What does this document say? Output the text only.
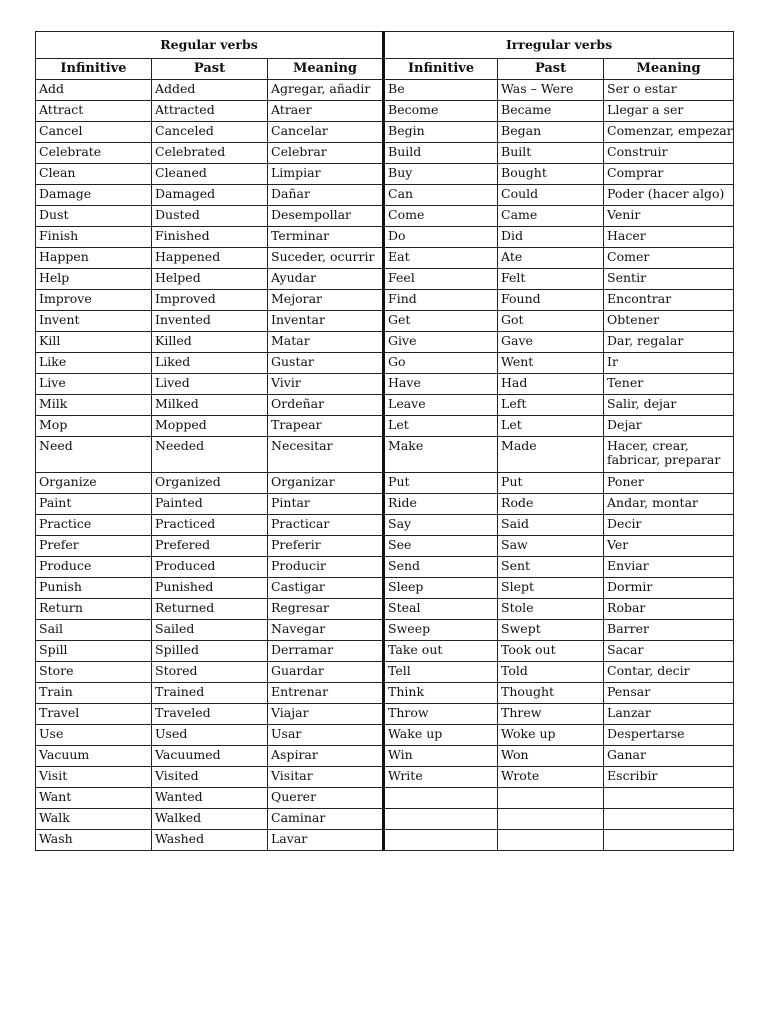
Regular verbs			Irregular verbs		
Infinitive	Past	Meaning	Infinitive	Past	Meaning
Add	Added	Agregar, añadir	Be	Was – Were	Ser o estar
Attract	Attracted	Atraer	Become	Became	Llegar a ser
Cancel	Canceled	Cancelar	Begin	Began	Comenzar, empezar
Celebrate	Celebrated	Celebrar	Build	Built	Construir
Clean	Cleaned	Limpiar	Buy	Bought	Comprar
Damage	Damaged	Dañar	Can	Could	Poder (hacer algo)
Dust	Dusted	Desempollar	Come	Came	Venir
Finish	Finished	Terminar	Do	Did	Hacer
Happen	Happened	Suceder, ocurrir	Eat	Ate	Comer
Help	Helped	Ayudar	Feel	Felt	Sentir
Improve	Improved	Mejorar	Find	Found	Encontrar
Invent	Invented	Inventar	Get	Got	Obtener
Kill	Killed	Matar	Give	Gave	Dar, regalar
Like	Liked	Gustar	Go	Went	Ir
Live	Lived	Vivir	Have	Had	Tener
Milk	Milked	Ordeñar	Leave	Left	Salir, dejar
Mop	Mopped	Trapear	Let	Let	Dejar
Need	Needed	Necesitar	Make	Made	Hacer, crear, fabricar, preparar
Organize	Organized	Organizar	Put	Put	Poner
Paint	Painted	Pintar	Ride	Rode	Andar, montar
Practice	Practiced	Practicar	Say	Said	Decir
Prefer	Prefered	Preferir	See	Saw	Ver
Produce	Produced	Producir	Send	Sent	Enviar
Punish	Punished	Castigar	Sleep	Slept	Dormir
Return	Returned	Regresar	Steal	Stole	Robar
Sail	Sailed	Navegar	Sweep	Swept	Barrer
Spill	Spilled	Derramar	Take out	Took out	Sacar
Store	Stored	Guardar	Tell	Told	Contar, decir
Train	Trained	Entrenar	Think	Thought	Pensar
Travel	Traveled	Viajar	Throw	Threw	Lanzar
Use	Used	Usar	Wake up	Woke up	Despertarse
Vacuum	Vacuumed	Aspirar	Win	Won	Ganar
Visit	Visited	Visitar	Write	Wrote	Escribir
Want	Wanted	Querer			
Walk	Walked	Caminar			
Wash	Washed	Lavar			
